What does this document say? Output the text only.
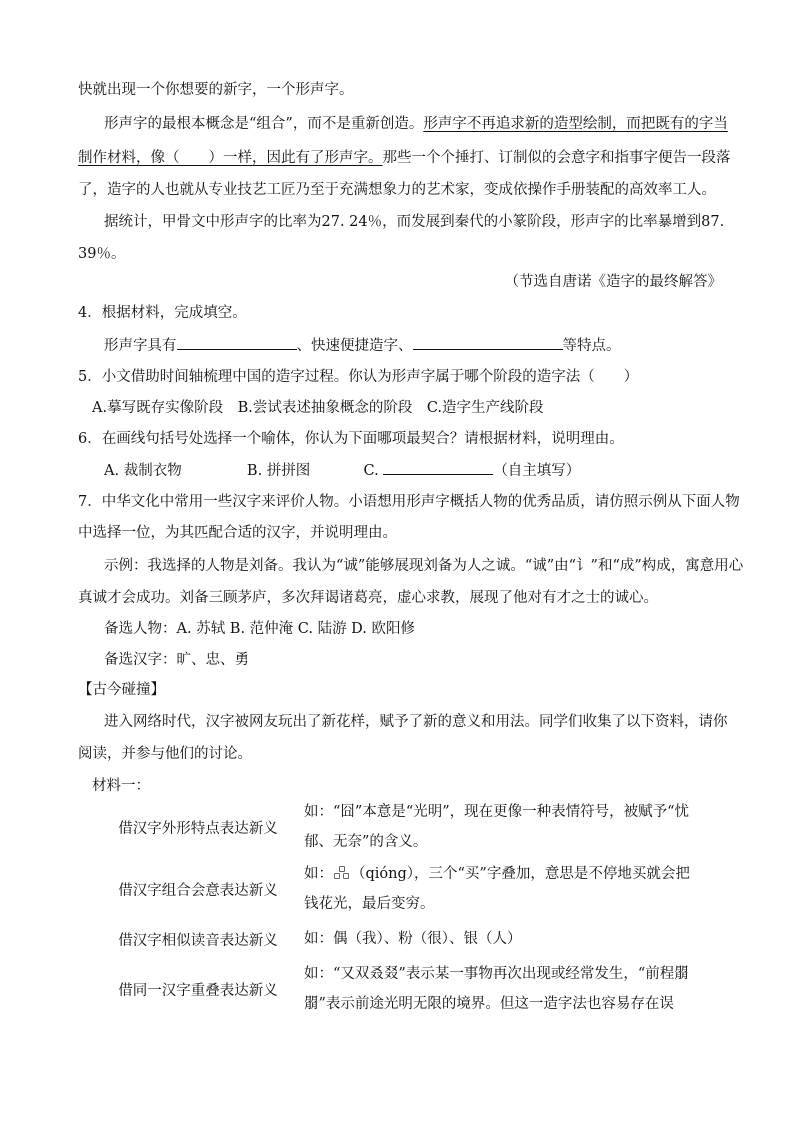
快就出现一个你想要的新字，一个形声字。
形声字的最根本概念是“组合”，而不是重新创造。形声字不再追求新的造型绘制，而把既有的字当
制作材料，像（　　）一样，因此有了形声字。那些一个个捶打、订制似的会意字和指事字便告一段落
了，造字的人也就从专业技艺工匠乃至于充满想象力的艺术家，变成依操作手册装配的高效率工人。
据统计，甲骨文中形声字的比率为27. 24％，而发展到秦代的小篆阶段，形声字的比率暴增到87.
39％。
（节选自唐诺《造字的最终解答》
4．根据材料，完成填空。
形声字具有	、快速便捷造字、	等特点。
5．小文借助时间轴梳理中国的造字过程。你认为形声字属于哪个阶段的造字法（　　）
A.摹写既存实像阶段　B.尝试表述抽象概念的阶段　C.造字生产线阶段
6．在画线句括号处选择一个喻体，你认为下面哪项最契合？请根据材料，说明理由。
A. 裁制衣物	B. 拼拼图	C.	（自主填写）
7．中华文化中常用一些汉字来评价人物。小语想用形声字概括人物的优秀品质，请仿照示例从下面人物
中选择一位，为其匹配合适的汉字，并说明理由。
示例：我选择的人物是刘备。我认为“诚”能够展现刘备为人之诚。“诚”由“讠”和“成”构成，寓意用心
真诚才会成功。刘备三顾茅庐，多次拜谒诸葛亮，虚心求教，展现了他对有才之士的诚心。
备选人物：A. 苏轼 B. 范仲淹 C. 陆游 D. 欧阳修
备选汉字：旷、忠、勇
【古今碰撞】
进入网络时代，汉字被网友玩出了新花样，赋予了新的意义和用法。同学们收集了以下资料，请你
阅读，并参与他们的讨论。
材料一：
借汉字外形特点表达新义	如：“囧”本意是“光明”，现在更像一种表情符号，被赋予“忧
郁、无奈”的含义。

借汉字组合会意表达新义	如： （qióng），三个“买”字叠加，意思是不停地买就会把
钱花光，最后变穷。

借汉字相似读音表达新义	如：偶（我）、粉（很）、银（人）

借同一汉字重叠表达新义	如：“又双叒叕”表示某一事物再次出现或经常发生，“前程朤
朤”表示前途光明无限的境界。但这一造字法也容易存在误
